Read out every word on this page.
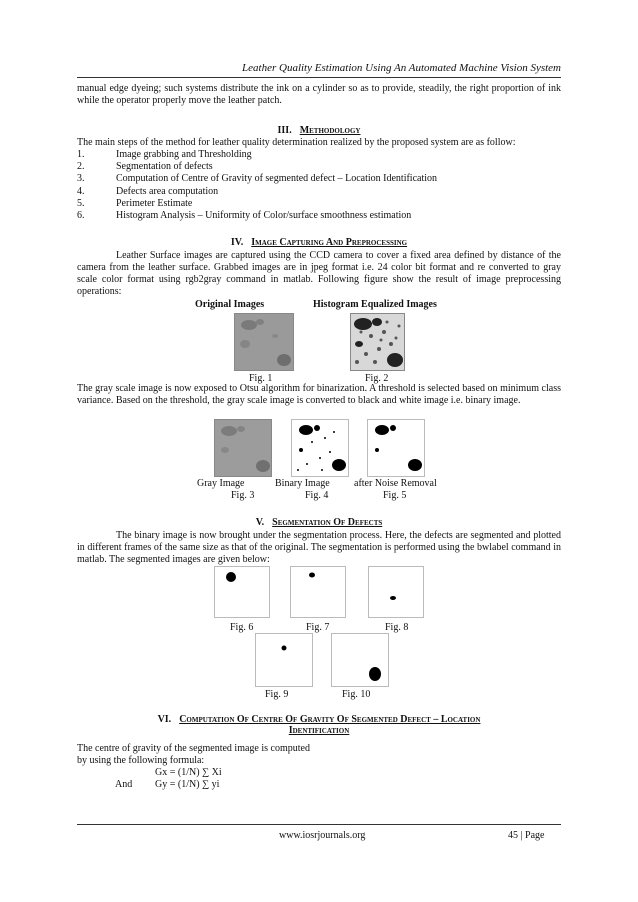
Leather Quality Estimation Using An Automated Machine Vision System
manual edge dyeing; such systems distribute the ink on a cylinder so as to provide, steadily, the right proportion of ink while the operator properly move the leather patch.
III. Methodology
The main steps of the method for leather quality determination realized by the proposed system are as follow:
1.	Image grabbing and Thresholding
2.	Segmentation of defects
3.	Computation of Centre of Gravity of segmented defect – Location Identification
4.	Defects area computation
5.	Perimeter Estimate
6.	Histogram Analysis – Uniformity of Color/surface smoothness estimation
IV. Image Capturing And Preprocessing
Leather Surface images are captured using the CCD camera to cover a fixed area defined by distance of the camera from the leather surface. Grabbed images are in jpeg format i.e. 24 color bit format and re converted to gray scale color format using rgb2gray command in matlab. Following figure show the result of image preprocessing operations:
Original Images	Histogram Equalized Images
Fig. 1	Fig. 2
The gray scale image is now exposed to Otsu algorithm for binarization. A threshold is selected based on minimum class variance. Based on the threshold, the gray scale image is converted to black and white image i.e. binary image.
Gray Image	Binary Image after Noise Removal
Fig. 3	Fig. 4	Fig. 5
V. Segmentation Of Defects
The binary image is now brought under the segmentation process. Here, the defects are segmented and plotted in different frames of the same size as that of the original. The segmentation is performed using the bwlabel command in matlab. The segmented images are given below:
Fig. 6	Fig. 7	Fig. 8
Fig. 9	Fig. 10
VI. Computation Of Centre Of Gravity Of Segmented Defect – Location
Identification
The centre of gravity of the segmented image is computed
by using the following formula:
Gx = (1/N) ∑ Xi
And Gy = (1/N) ∑ yi
www.iosrjournals.org	45 | Page
